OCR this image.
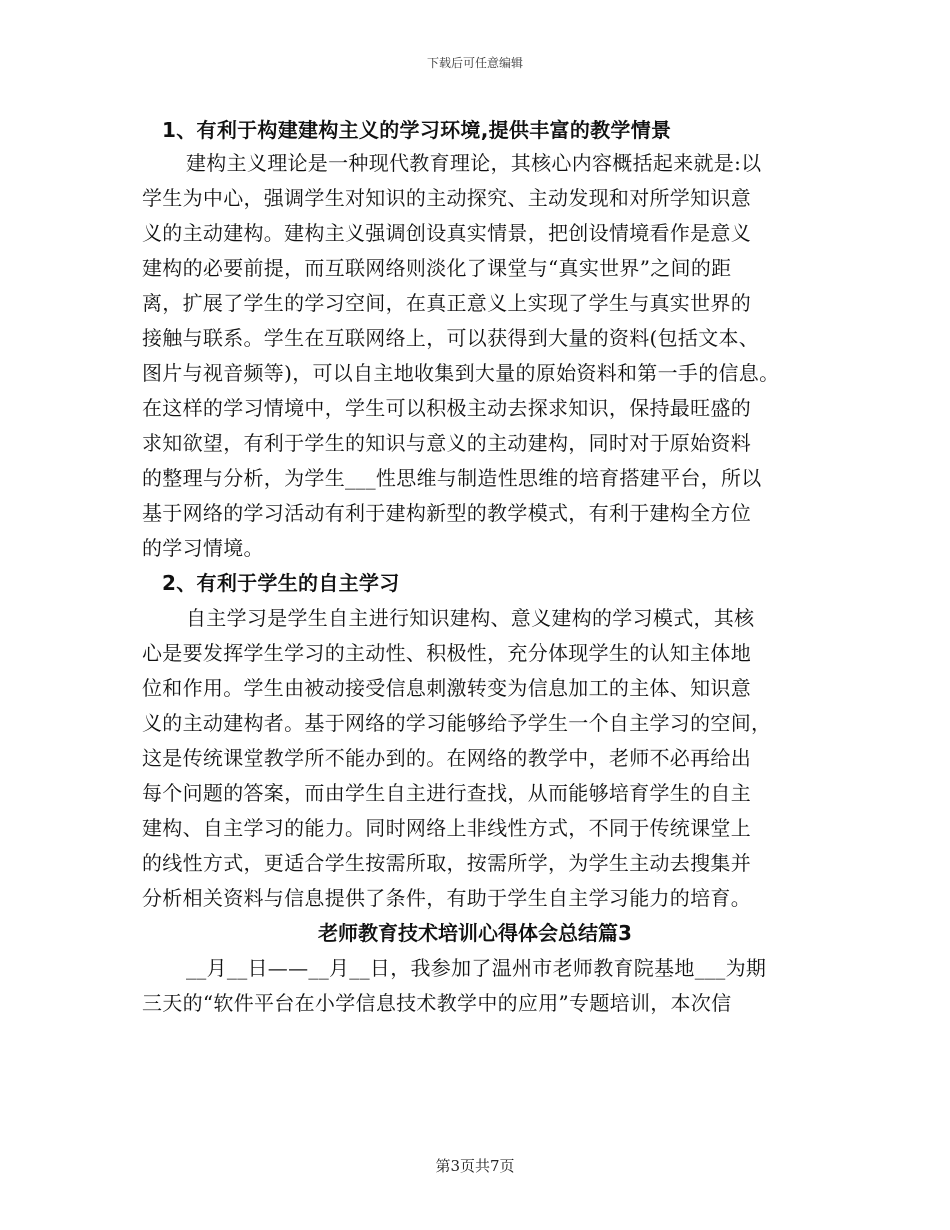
下载后可任意编辑
1、有利于构建建构主义的学习环境,提供丰富的教学情景
建构主义理论是一种现代教育理论，其核心内容概括起来就是:以
学生为中心，强调学生对知识的主动探究、主动发现和对所学知识意
义的主动建构。建构主义强调创设真实情景，把创设情境看作是意义
建构的必要前提，而互联网络则淡化了课堂与“真实世界”之间的距
离，扩展了学生的学习空间，在真正意义上实现了学生与真实世界的
接触与联系。学生在互联网络上，可以获得到大量的资料(包括文本、
图片与视音频等)，可以自主地收集到大量的原始资料和第一手的信息。
在这样的学习情境中，学生可以积极主动去探求知识，保持最旺盛的
求知欲望，有利于学生的知识与意义的主动建构，同时对于原始资料
的整理与分析，为学生___性思维与制造性思维的培育搭建平台，所以
基于网络的学习活动有利于建构新型的教学模式，有利于建构全方位
的学习情境。
2、有利于学生的自主学习
自主学习是学生自主进行知识建构、意义建构的学习模式，其核
心是要发挥学生学习的主动性、积极性，充分体现学生的认知主体地
位和作用。学生由被动接受信息刺激转变为信息加工的主体、知识意
义的主动建构者。基于网络的学习能够给予学生一个自主学习的空间，
这是传统课堂教学所不能办到的。在网络的教学中，老师不必再给出
每个问题的答案，而由学生自主进行查找，从而能够培育学生的自主
建构、自主学习的能力。同时网络上非线性方式，不同于传统课堂上
的线性方式，更适合学生按需所取，按需所学，为学生主动去搜集并
分析相关资料与信息提供了条件，有助于学生自主学习能力的培育。
老师教育技术培训心得体会总结篇3
__月__日——__月__日，我参加了温州市老师教育院基地___为期
三天的“软件平台在小学信息技术教学中的应用”专题培训，本次信
第3页共7页
